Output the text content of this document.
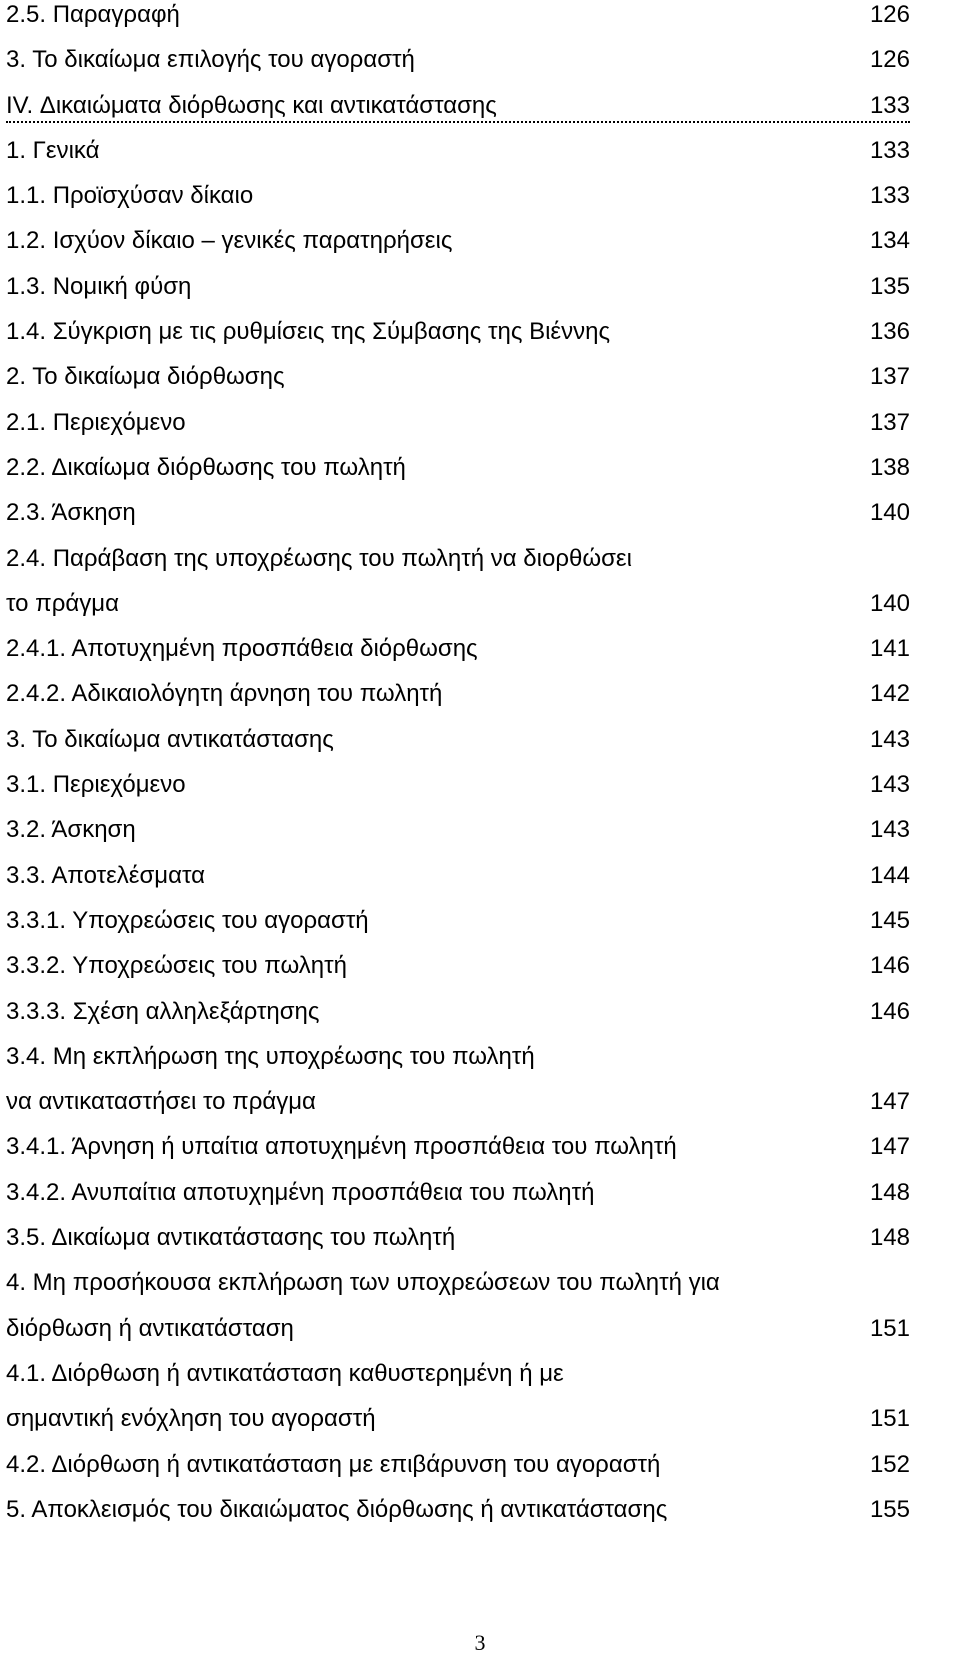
2.5. Παραγραφή	126
3. Το δικαίωμα επιλογής του αγοραστή	126
IV. Δικαιώματα διόρθωσης και αντικατάστασης	133
1. Γενικά	133
1.1. Προϊσχύσαν δίκαιο	133
1.2. Ισχύον δίκαιο – γενικές παρατηρήσεις	134
1.3. Νομική φύση	135
1.4. Σύγκριση με τις ρυθμίσεις της Σύμβασης της Βιέννης	136
2. Το δικαίωμα διόρθωσης	137
2.1. Περιεχόμενο	137
2.2. Δικαίωμα διόρθωσης του πωλητή	138
2.3. Άσκηση	140
2.4. Παράβαση της υποχρέωσης του πωλητή να διορθώσει
το πράγμα	140
2.4.1. Αποτυχημένη προσπάθεια διόρθωσης	141
2.4.2. Αδικαιολόγητη άρνηση του πωλητή	142
3. Το δικαίωμα αντικατάστασης	143
3.1. Περιεχόμενο	143
3.2. Άσκηση	143
3.3. Αποτελέσματα	144
3.3.1. Υποχρεώσεις του αγοραστή	145
3.3.2. Υποχρεώσεις του πωλητή	146
3.3.3. Σχέση αλληλεξάρτησης	146
3.4. Μη εκπλήρωση της υποχρέωσης του πωλητή
να αντικαταστήσει το πράγμα	147
3.4.1. Άρνηση ή υπαίτια αποτυχημένη προσπάθεια του πωλητή	147
3.4.2. Ανυπαίτια αποτυχημένη προσπάθεια του πωλητή	148
3.5. Δικαίωμα αντικατάστασης του πωλητή	148
4. Μη προσήκουσα εκπλήρωση των υποχρεώσεων του πωλητή για
διόρθωση ή αντικατάσταση	151
4.1. Διόρθωση ή αντικατάσταση καθυστερημένη ή με
σημαντική ενόχληση του αγοραστή	151
4.2. Διόρθωση ή αντικατάσταση με επιβάρυνση του αγοραστή	152
5. Αποκλεισμός του δικαιώματος διόρθωσης ή αντικατάστασης	155
3
